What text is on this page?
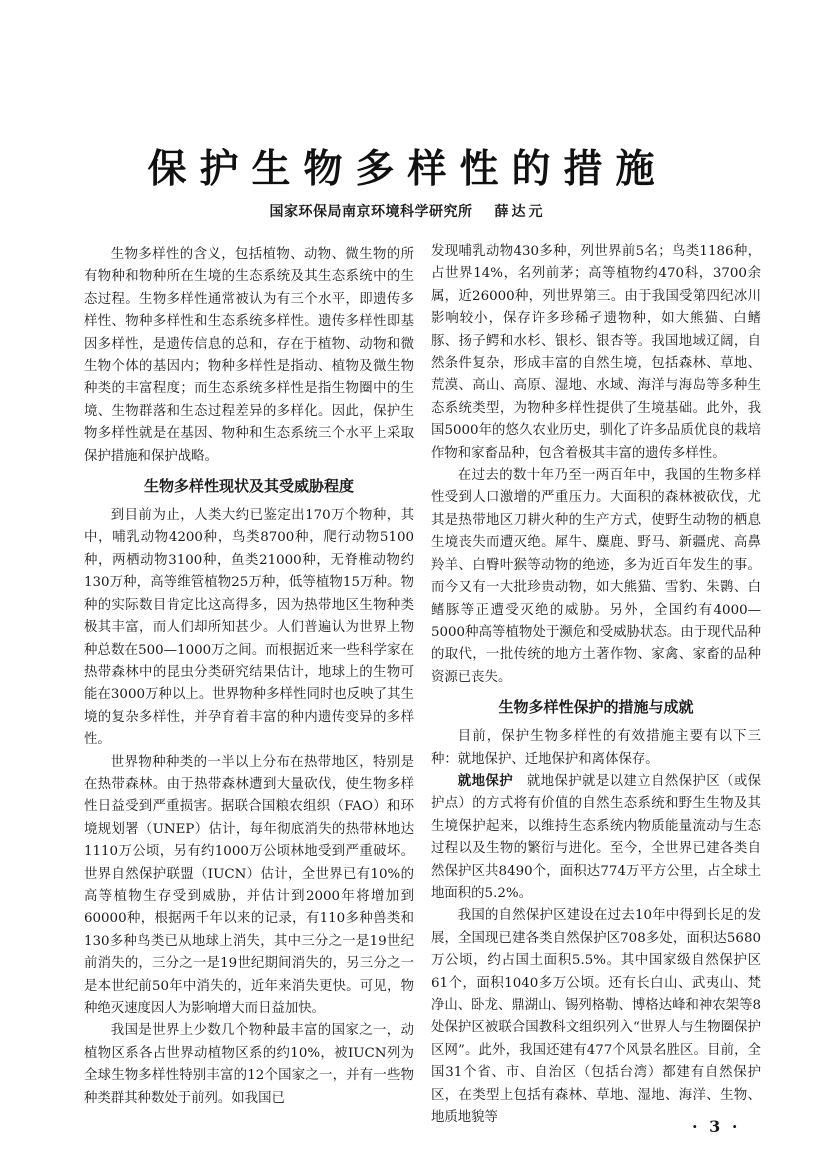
保护生物多样性的措施
国家环保局南京环境科学研究所 薛达元

生物多样性的含义，包括植物、动物、微生物的所有物种和物种所在生境的生态系统及其生态系统中的生态过程。生物多样性通常被认为有三个水平，即遗传多样性、物种多样性和生态系统多样性。遗传多样性即基因多样性，是遗传信息的总和，存在于植物、动物和微生物个体的基因内；物种多样性是指动、植物及微生物种类的丰富程度；而生态系统多样性是指生物圈中的生境、生物群落和生态过程差异的多样化。因此，保护生物多样性就是在基因、物种和生态系统三个水平上采取保护措施和保护战略。

生物多样性现状及其受威胁程度

到目前为止，人类大约已鉴定出170万个物种，其中，哺乳动物4200种，鸟类8700种，爬行动物5100种，两栖动物3100种，鱼类21000种，无脊椎动物约130万种，高等维管植物25万种，低等植物15万种。物种的实际数目肯定比这高得多，因为热带地区生物种类极其丰富，而人们却所知甚少。人们普遍认为世界上物种总数在500—1000万之间。而根据近来一些科学家在热带森林中的昆虫分类研究结果估计，地球上的生物可能在3000万种以上。世界物种多样性同时也反映了其生境的复杂多样性，并孕育着丰富的种内遗传变异的多样性。

世界物种种类的一半以上分布在热带地区，特别是在热带森林。由于热带森林遭到大量砍伐，使生物多样性日益受到严重损害。据联合国粮农组织（FAO）和环境规划署（UNEP）估计，每年彻底消失的热带林地达1110万公顷，另有约1000万公顷林地受到严重破坏。世界自然保护联盟（IUCN）估计，全世界已有10%的高等植物生存受到威胁，并估计到2000年将增加到60000种，根据两千年以来的记录，有110多种兽类和130多种鸟类已从地球上消失，其中三分之一是19世纪前消失的，三分之一是19世纪期间消失的，另三分之一是本世纪前50年中消失的，近年来消失更快。可见，物种绝灭速度因人为影响增大而日益加快。

我国是世界上少数几个物种最丰富的国家之一，动植物区系各占世界动植物区系的约10%，被IUCN列为全球生物多样性特别丰富的12个国家之一，并有一些物种类群其种数处于前列。如我国已

发现哺乳动物430多种，列世界前5名；鸟类1186种，占世界14%，名列前茅；高等植物约470科，3700余属，近26000种，列世界第三。由于我国受第四纪冰川影响较小，保存许多珍稀孑遗物种，如大熊猫、白鳍豚、扬子鳄和水杉、银杉、银杏等。我国地域辽阔，自然条件复杂，形成丰富的自然生境，包括森林、草地、荒漠、高山、高原、湿地、水域、海洋与海岛等多种生态系统类型，为物种多样性提供了生境基础。此外，我国5000年的悠久农业历史，驯化了许多品质优良的栽培作物和家畜品种，包含着极其丰富的遗传多样性。

在过去的数十年乃至一两百年中，我国的生物多样性受到人口激增的严重压力。大面积的森林被砍伐，尤其是热带地区刀耕火种的生产方式，使野生动物的栖息生境丧失而遭灭绝。犀牛、麋鹿、野马、新疆虎、高鼻羚羊、白臀叶猴等动物的绝迹，多为近百年发生的事。而今又有一大批珍贵动物，如大熊猫、雪豹、朱鹮、白鳍豚等正遭受灭绝的威胁。另外，全国约有4000—5000种高等植物处于濒危和受威胁状态。由于现代品种的取代，一批传统的地方土著作物、家禽、家畜的品种资源已丧失。

生物多样性保护的措施与成就

目前，保护生物多样性的有效措施主要有以下三种：就地保护、迁地保护和离体保存。

就地保护　 就地保护就是以建立自然保护区（或保护点）的方式将有价值的自然生态系统和野生生物及其生境保护起来，以维持生态系统内物质能量流动与生态过程以及生物的繁衍与进化。至今，全世界已建各类自然保护区共8490个，面积达774万平方公里，占全球土地面积的5.2%。

我国的自然保护区建设在过去10年中得到长足的发展，全国现已建各类自然保护区708多处，面积达5680万公顷，约占国土面积5.5%。其中国家级自然保护区61个，面积1040多万公顷。还有长白山、武夷山、梵净山、卧龙、鼎湖山、锡列格勒、博格达峰和神农架等8处保护区被联合国教科文组织列入“世界人与生物圈保护区网”。此外，我国还建有477个风景名胜区。目前，全国31个省、市、自治区（包括台湾）都建有自然保护区，在类型上包括有森林、草地、湿地、海洋、生物、地质地貌等	· 3 ·
